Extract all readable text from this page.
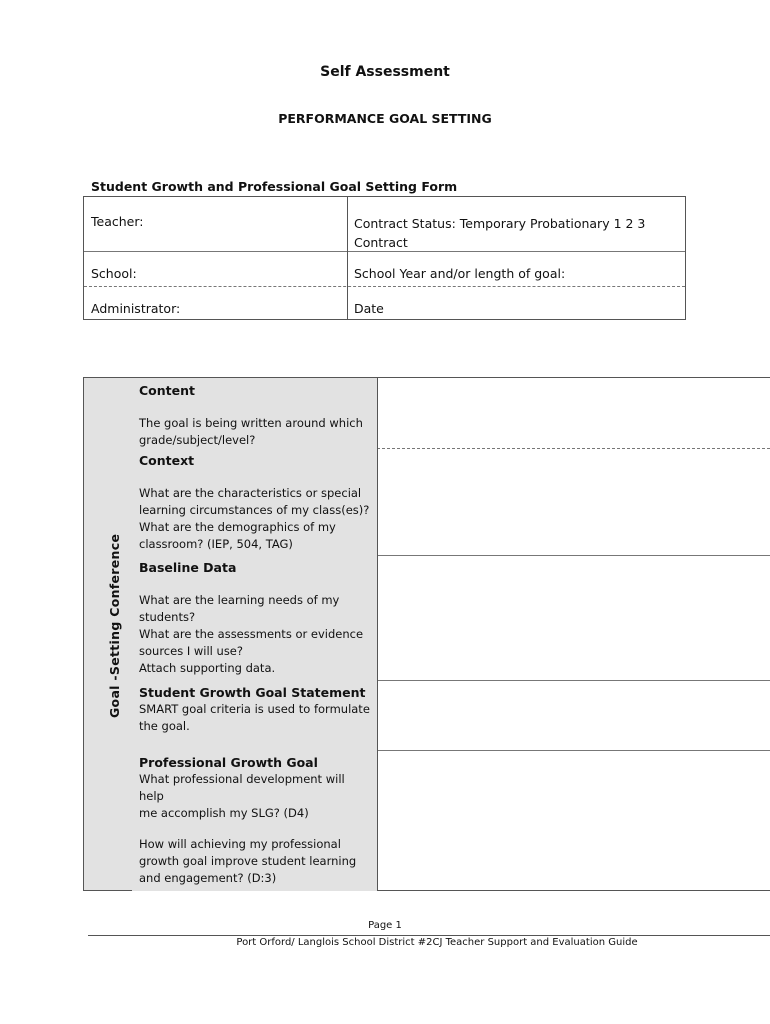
Self Assessment
PERFORMANCE GOAL SETTING
Student Growth and Professional Goal Setting Form
Teacher:	Contract Status: Temporary Probationary 1 2 3
Contract
School:	School Year and/or length of goal:
Administrator:	Date
Content
The goal is being written around which
grade/subject/level?
Context
What are the characteristics or special
learning circumstances of my class(es)?
What are the demographics of my
classroom? (IEP, 504, TAG)
Baseline Data
What are the learning needs of my
students?
What are the assessments or evidence
sources I will use?
Attach supporting data.
Student Growth Goal Statement
SMART goal criteria is used to formulate
the goal.
Professional Growth Goal
What professional development will help
me accomplish my SLG? (D4)
How will achieving my professional
growth goal improve student learning
and engagement? (D:3)
Goal -Setting Conference
Page 1
Port Orford/ Langlois School District #2CJ Teacher Support and Evaluation Guide
